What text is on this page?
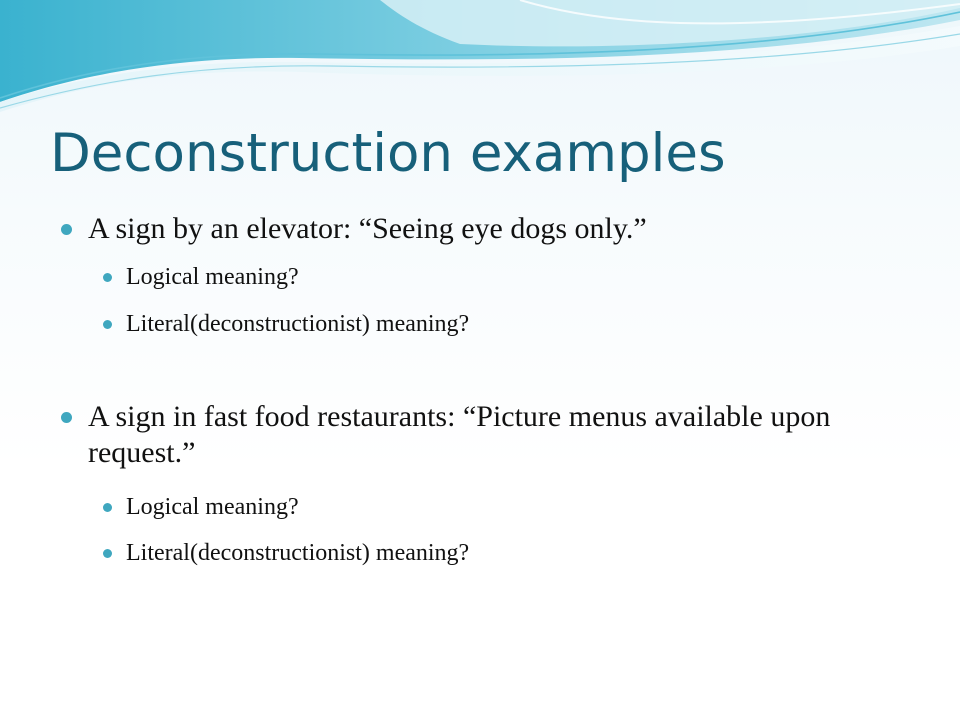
Deconstruction examples
A sign by an elevator: “Seeing eye dogs only.”
Logical meaning?
Literal(deconstructionist) meaning?
A sign in fast food restaurants: “Picture menus available upon request.”
Logical meaning?
Literal(deconstructionist) meaning?
